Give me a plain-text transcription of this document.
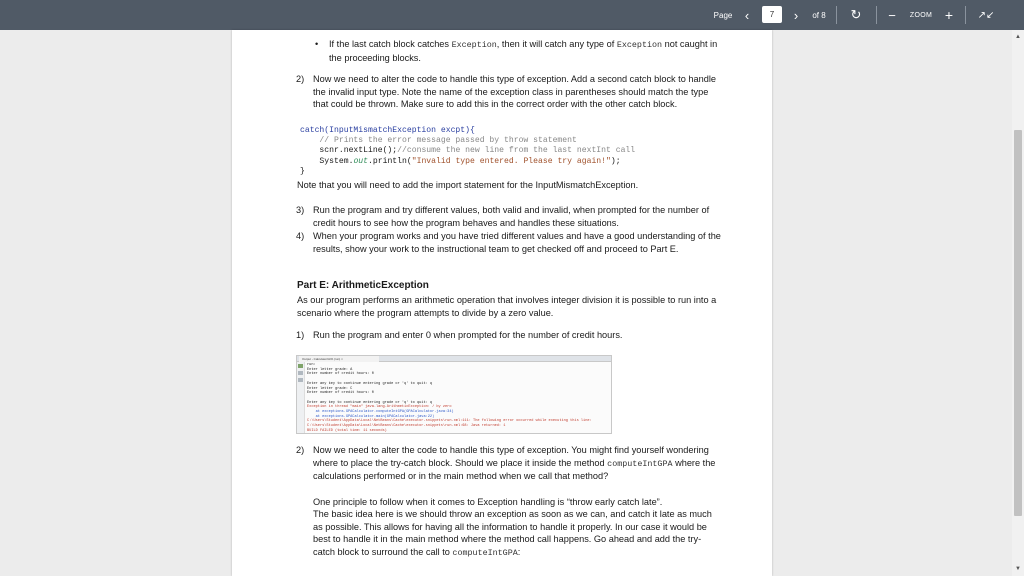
Page ‹	7	›	of 8	↻	−	ZOOM +	↗↙
• If the last catch block catches Exception, then it will catch any type of Exception not caught in the proceeding blocks.
2) Now we need to alter the code to handle this type of exception. Add a second catch block to handle the invalid input type. Note the name of the exception class in parentheses should match the type that could be thrown. Make sure to add this in the correct order with the other catch block.
catch(InputMismatchException excpt){
// Prints the error message passed by throw statement
scnr.nextLine();//consume the new line from the last nextInt call
System.out.println("Invalid type entered. Please try again!");
}
Note that you will need to add the import statement for the InputMismatchException.
3) Run the program and try different values, both valid and invalid, when prompted for the number of credit hours to see how the program behaves and handles these situations.
4) When your program works and you have tried different values and have a good understanding of the results, show your work to the instructional team to get checked off and proceed to Part E.
Part E: ArithmeticException
As our program performs an arithmetic operation that involves integer division it is possible to run into a scenario where the program attempts to divide by a zero value.
1) Run the program and enter 0 when prompted for the number of credit hours.
Output - CalculatorGPA (run) ×
run:
Enter letter grade: A
Enter number of credit hours: 0

Enter any key to continue entering grade or 'q' to quit: q
Enter letter grade: C
Enter number of credit hours: 0

Enter any key to continue entering grade or 'q' to quit: q
Exception in thread "main" java.lang.ArithmeticException: / by zero
at exceptions.GPACalculator.computeIntGPA(GPACalculator.java:34)
at exceptions.GPACalculator.main(GPACalculator.java:22)
C:\Users\Student\AppData\Local\NetBeans\Cache\executor-snippets\run.xml:111: The following error occurred while executing this line:
C:\Users\Student\AppData\Local\NetBeans\Cache\executor-snippets\run.xml:68: Java returned: 1
BUILD FAILED (total time: 11 seconds)
2) Now we need to alter the code to handle this type of exception. You might find yourself wondering where to place the try-catch block. Should we place it inside the method computeIntGPA where the calculations performed or in the main method when we call that method?
One principle to follow when it comes to Exception handling is “throw early catch late”.
The basic idea here is we should throw an exception as soon as we can, and catch it late as much as possible. This allows for having all the information to handle it properly. In our case it would be best to handle it in the main method where the method call happens. Go ahead and add the try-catch block to surround the call to computeIntGPA:
▲
▼
